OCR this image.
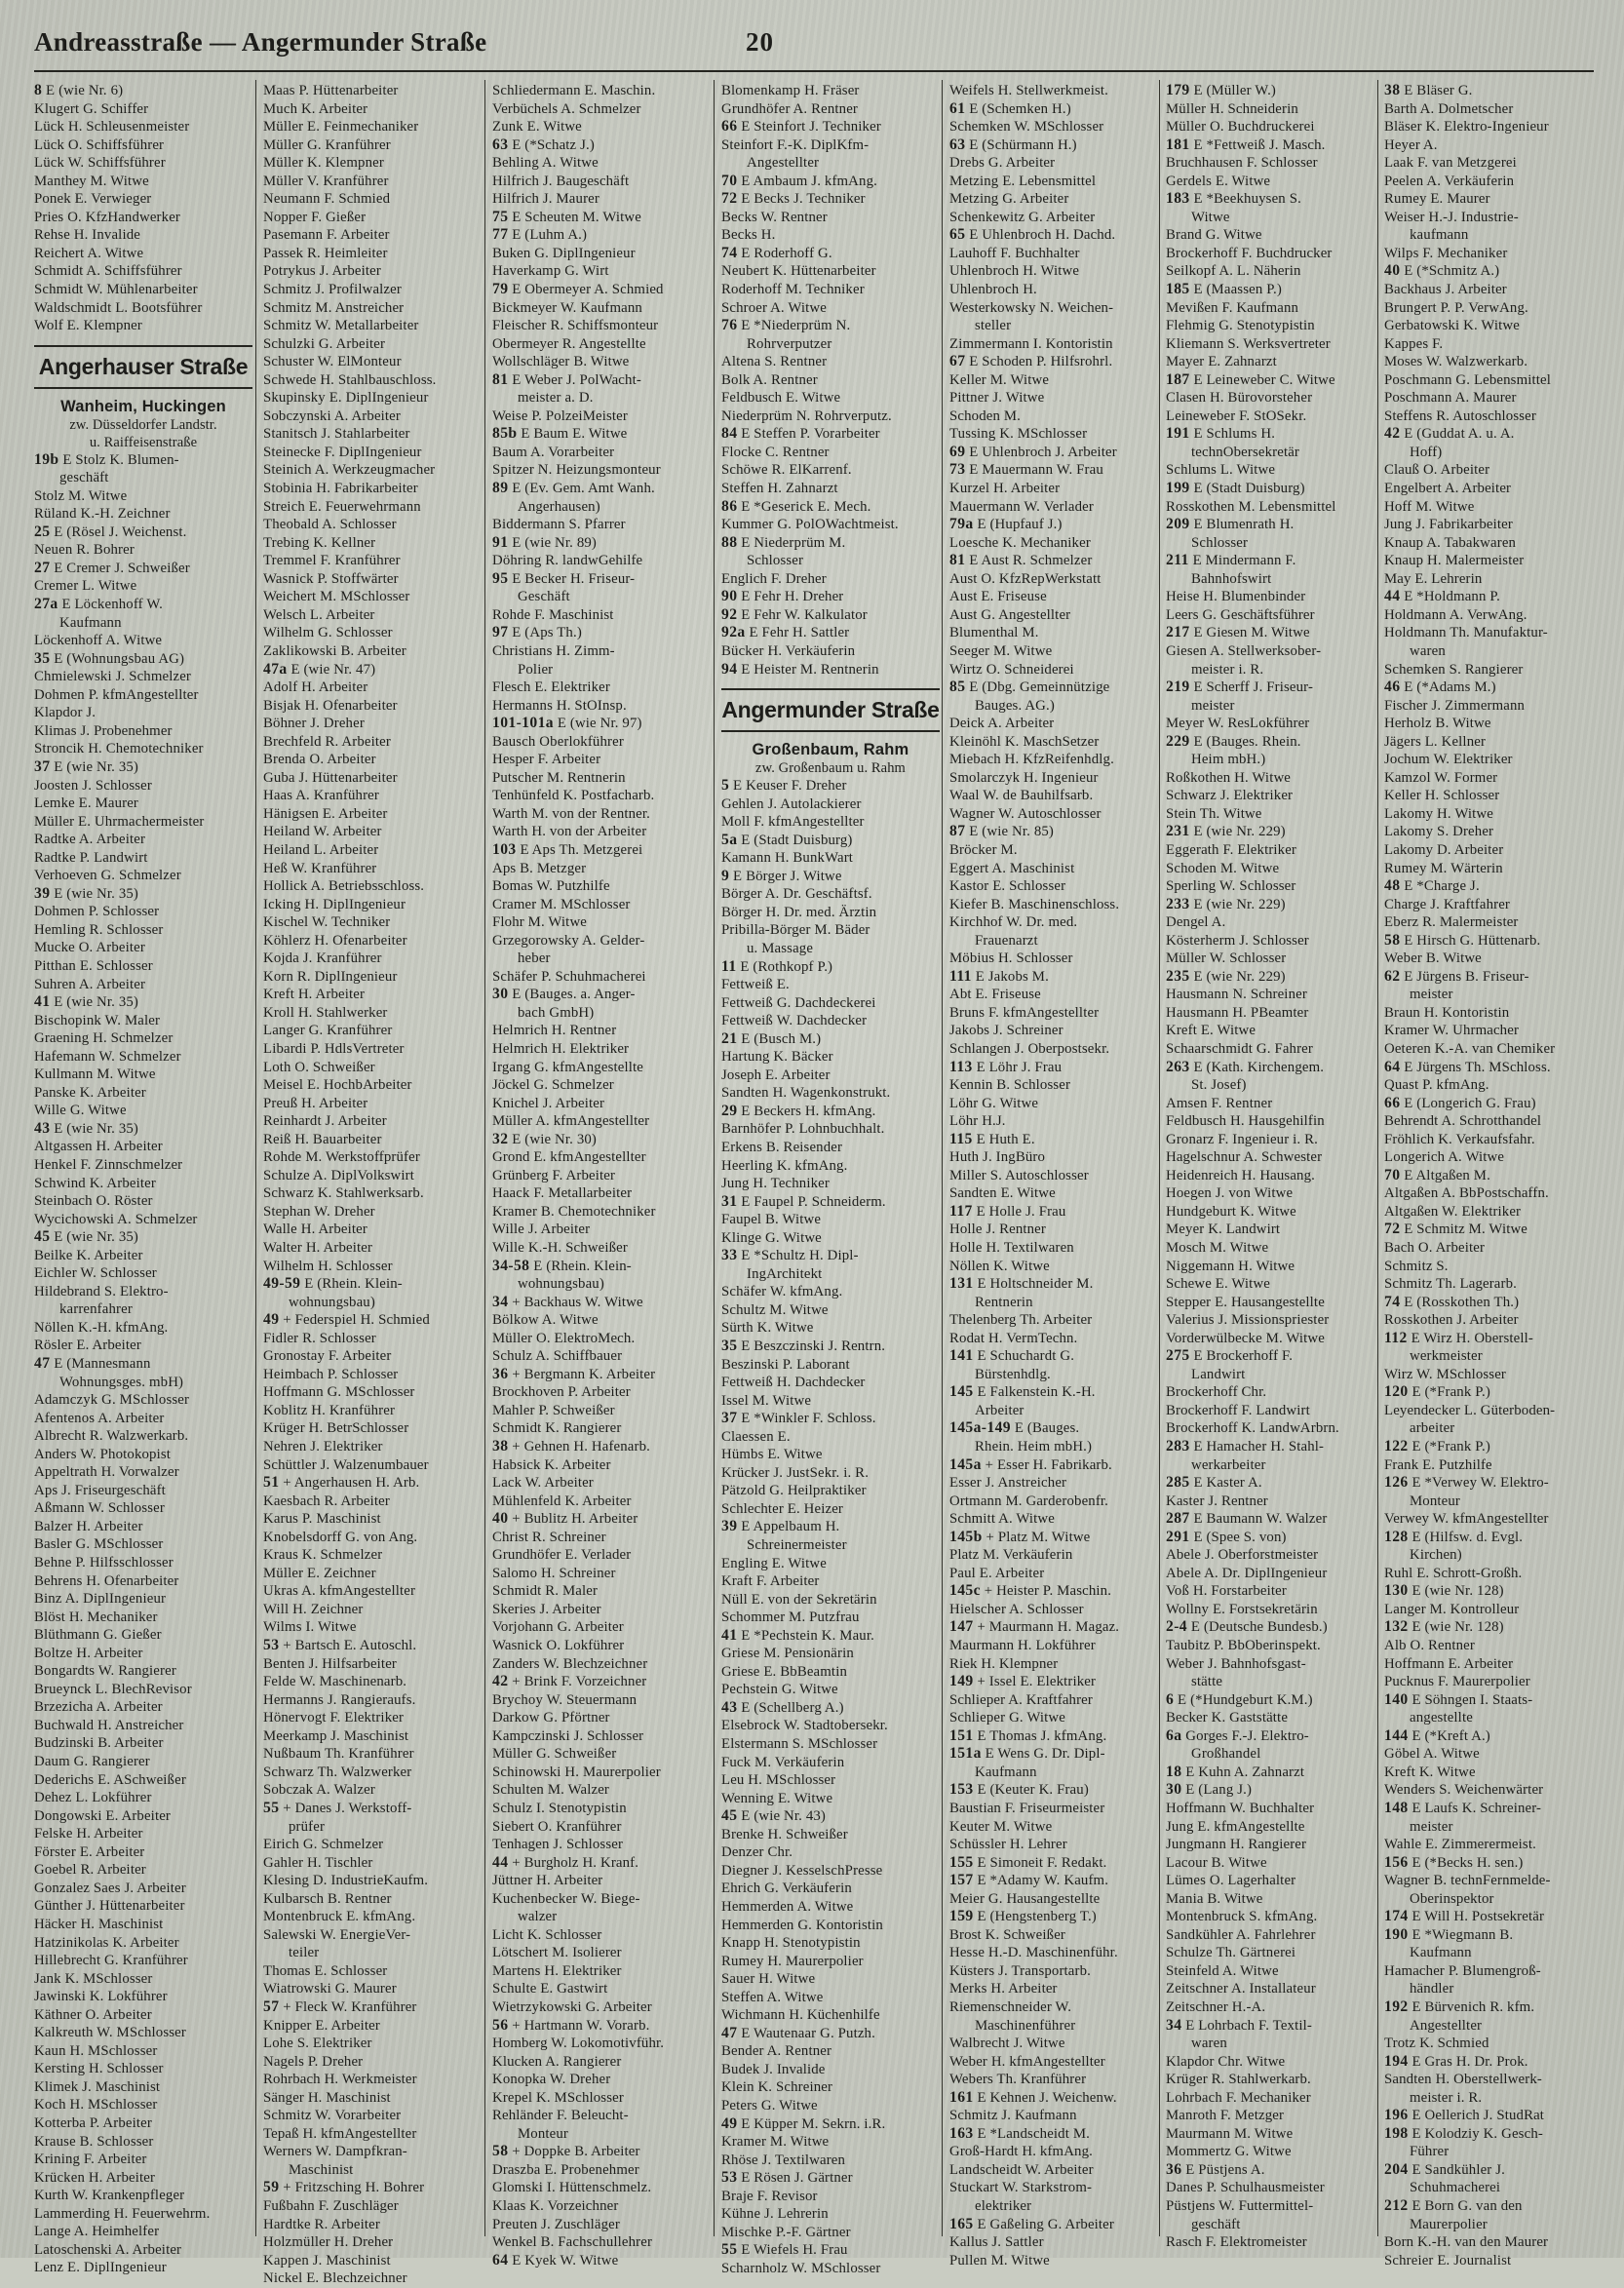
Andreasstraße — Angermunder Straße	20
8 E (wie Nr. 6)
Klugert G. Schiffer
Lück H. Schleusenmeister
Lück O. Schiffsführer
Lück W. Schiffsführer
Manthey M. Witwe
Ponek E. Verwieger
Pries O. KfzHandwerker
Rehse H. Invalide
Reichert A. Witwe
Schmidt A. Schiffsführer
Schmidt W. Mühlenarbeiter
Waldschmidt L. Bootsführer
Wolf E. Klempner
Angerhauser Straße
Wanheim, Huckingen
zw. Düsseldorfer Landstr.
u. Raiffeisenstraße
19b E Stolz K. Blumen-
geschäft
Stolz M. Witwe
Rüland K.-H. Zeichner
25 E (Rösel J. Weichenst.
Neuen R. Bohrer
27 E Cremer J. Schweißer
Cremer L. Witwe
27a E Löckenhoff W.
Kaufmann
Löckenhoff A. Witwe
35 E (Wohnungsbau AG)
Chmielewski J. Schmelzer
Dohmen P. kfmAngestellter
Klapdor J.
Klimas J. Probenehmer
Stroncik H. Chemotechniker
37 E (wie Nr. 35)
Joosten J. Schlosser
Lemke E. Maurer
Müller E. Uhrmachermeister
Radtke A. Arbeiter
Radtke P. Landwirt
Verhoeven G. Schmelzer
39 E (wie Nr. 35)
Dohmen P. Schlosser
Hemling R. Schlosser
Mucke O. Arbeiter
Pitthan E. Schlosser
Suhren A. Arbeiter
41 E (wie Nr. 35)
Bischopink W. Maler
Graening H. Schmelzer
Hafemann W. Schmelzer
Kullmann M. Witwe
Panske K. Arbeiter
Wille G. Witwe
43 E (wie Nr. 35)
Altgassen H. Arbeiter
Henkel F. Zinnschmelzer
Schwind K. Arbeiter
Steinbach O. Röster
Wycichowski A. Schmelzer
45 E (wie Nr. 35)
Beilke K. Arbeiter
Eichler W. Schlosser
Hildebrand S. Elektro-
karrenfahrer
Nöllen K.-H. kfmAng.
Rösler E. Arbeiter
47 E (Mannesmann
Wohnungsges. mbH)
Adamczyk G. MSchlosser
Afentenos A. Arbeiter
Albrecht R. Walzwerkarb.
Anders W. Photokopist
Appeltrath H. Vorwalzer
Aps J. Friseurgeschäft
Aßmann W. Schlosser
Balzer H. Arbeiter
Basler G. MSchlosser
Behne P. Hilfsschlosser
Behrens H. Ofenarbeiter
Binz A. DiplIngenieur
Blöst H. Mechaniker
Blüthmann G. Gießer
Boltze H. Arbeiter
Bongardts W. Rangierer
Brueynck L. BlechRevisor
Brzezicha A. Arbeiter
Buchwald H. Anstreicher
Budzinski B. Arbeiter
Daum G. Rangierer
Dederichs E. ASchweißer
Dehez L. Lokführer
Dongowski E. Arbeiter
Felske H. Arbeiter
Förster E. Arbeiter
Goebel R. Arbeiter
Gonzalez Saes J. Arbeiter
Günther J. Hüttenarbeiter
Häcker H. Maschinist
Hatzinikolas K. Arbeiter
Hillebrecht G. Kranführer
Jank K. MSchlosser
Jawinski K. Lokführer
Käthner O. Arbeiter
Kalkreuth W. MSchlosser
Kaun H. MSchlosser
Kersting H. Schlosser
Klimek J. Maschinist
Koch H. MSchlosser
Kotterba P. Arbeiter
Krause B. Schlosser
Krining F. Arbeiter
Krücken H. Arbeiter
Kurth W. Krankenpfleger
Lammerding H. Feuerwehrm.
Lange A. Heimhelfer
Latoschenski A. Arbeiter
Lenz E. DiplIngenieur
Maas P. Hüttenarbeiter
Much K. Arbeiter
Müller E. Feinmechaniker
Müller G. Kranführer
Müller K. Klempner
Müller V. Kranführer
Neumann F. Schmied
Nopper F. Gießer
Pasemann F. Arbeiter
Passek R. Heimleiter
Potrykus J. Arbeiter
Schmitz J. Profilwalzer
Schmitz M. Anstreicher
Schmitz W. Metallarbeiter
Schulzki G. Arbeiter
Schuster W. ElMonteur
Schwede H. Stahlbauschloss.
Skupinsky E. DiplIngenieur
Sobczynski A. Arbeiter
Stanitsch J. Stahlarbeiter
Steinecke F. DiplIngenieur
Steinich A. Werkzeugmacher
Stobinia H. Fabrikarbeiter
Streich E. Feuerwehrmann
Theobald A. Schlosser
Trebing K. Kellner
Tremmel F. Kranführer
Wasnick P. Stoffwärter
Weichert M. MSchlosser
Welsch L. Arbeiter
Wilhelm G. Schlosser
Zaklikowski B. Arbeiter
47a E (wie Nr. 47)
Adolf H. Arbeiter
Bisjak H. Ofenarbeiter
Böhner J. Dreher
Brechfeld R. Arbeiter
Brenda O. Arbeiter
Guba J. Hüttenarbeiter
Haas A. Kranführer
Hänigsen E. Arbeiter
Heiland W. Arbeiter
Heiland L. Arbeiter
Heß W. Kranführer
Hollick A. Betriebsschloss.
Icking H. DiplIngenieur
Kischel W. Techniker
Köhlerz H. Ofenarbeiter
Kojda J. Kranführer
Korn R. DiplIngenieur
Kreft H. Arbeiter
Kroll H. Stahlwerker
Langer G. Kranführer
Libardi P. HdlsVertreter
Loth O. Schweißer
Meisel E. HochbArbeiter
Preuß H. Arbeiter
Reinhardt J. Arbeiter
Reiß H. Bauarbeiter
Rohde M. Werkstoffprüfer
Schulze A. DiplVolkswirt
Schwarz K. Stahlwerksarb.
Stephan W. Dreher
Walle H. Arbeiter
Walter H. Arbeiter
Wilhelm H. Schlosser
49-59 E (Rhein. Klein-
wohnungsbau)
49 + Federspiel H. Schmied
Fidler R. Schlosser
Gronostay F. Arbeiter
Heimbach P. Schlosser
Hoffmann G. MSchlosser
Koblitz H. Kranführer
Krüger H. BetrSchlosser
Nehren J. Elektriker
Schüttler J. Walzenumbauer
51 + Angerhausen H. Arb.
Kaesbach R. Arbeiter
Karus P. Maschinist
Knobelsdorff G. von Ang.
Kraus K. Schmelzer
Müller E. Zeichner
Ukras A. kfmAngestellter
Will H. Zeichner
Wilms I. Witwe
53 + Bartsch E. Autoschl.
Benten J. Hilfsarbeiter
Felde W. Maschinenarb.
Hermanns J. Rangieraufs.
Hönervogt F. Elektriker
Meerkamp J. Maschinist
Nußbaum Th. Kranführer
Schwarz Th. Walzwerker
Sobczak A. Walzer
55 + Danes J. Werkstoff-
prüfer
Eirich G. Schmelzer
Gahler H. Tischler
Klesing D. IndustrieKaufm.
Kulbarsch B. Rentner
Montenbruck E. kfmAng.
Salewski W. EnergieVer-
teiler
Thomas E. Schlosser
Wiatrowski G. Maurer
57 + Fleck W. Kranführer
Knipper E. Arbeiter
Lohe S. Elektriker
Nagels P. Dreher
Rohrbach H. Werkmeister
Sänger H. Maschinist
Schmitz W. Vorarbeiter
Tepaß H. kfmAngestellter
Werners W. Dampfkran-
Maschinist
59 + Fritzsching H. Bohrer
Fußbahn F. Zuschläger
Hardtke R. Arbeiter
Holzmüller H. Dreher
Kappen J. Maschinist
Nickel E. Blechzeichner
Schliedermann E. Maschin.
Verbüchels A. Schmelzer
Zunk E. Witwe
63 E (*Schatz J.)
Behling A. Witwe
Hilfrich J. Baugeschäft
Hilfrich J. Maurer
75 E Scheuten M. Witwe
77 E (Luhm A.)
Buken G. DiplIngenieur
Haverkamp G. Wirt
79 E Obermeyer A. Schmied
Bickmeyer W. Kaufmann
Fleischer R. Schiffsmonteur
Obermeyer R. Angestellte
Wollschläger B. Witwe
81 E Weber J. PolWacht-
meister a. D.
Weise P. PolzeiMeister
85b E Baum E. Witwe
Baum A. Vorarbeiter
Spitzer N. Heizungsmonteur
89 E (Ev. Gem. Amt Wanh.
Angerhausen)
Biddermann S. Pfarrer
91 E (wie Nr. 89)
Döhring R. landwGehilfe
95 E Becker H. Friseur-
Geschäft
Rohde F. Maschinist
97 E (Aps Th.)
Christians H. Zimm-
Polier
Flesch E. Elektriker
Hermanns H. StOInsp.
101-101a E (wie Nr. 97)
Bausch Oberlokführer
Hesper F. Arbeiter
Putscher M. Rentnerin
Tenhünfeld K. Postfacharb.
Warth M. von der Rentner.
Warth H. von der Arbeiter
103 E Aps Th. Metzgerei
Aps B. Metzger
Bomas W. Putzhilfe
Cramer M. MSchlosser
Flohr M. Witwe
Grzegorowsky A. Gelder-
heber
Schäfer P. Schuhmacherei
30 E (Bauges. a. Anger-
bach GmbH)
Helmrich H. Rentner
Helmrich H. Elektriker
Irgang G. kfmAngestellte
Jöckel G. Schmelzer
Knichel J. Arbeiter
Müller A. kfmAngestellter
32 E (wie Nr. 30)
Grond E. kfmAngestellter
Grünberg F. Arbeiter
Haack F. Metallarbeiter
Kramer B. Chemotechniker
Wille J. Arbeiter
Wille K.-H. Schweißer
34-58 E (Rhein. Klein-
wohnungsbau)
34 + Backhaus W. Witwe
Bölkow A. Witwe
Müller O. ElektroMech.
Schulz A. Schiffbauer
36 + Bergmann K. Arbeiter
Brockhoven P. Arbeiter
Mahler P. Schweißer
Schmidt K. Rangierer
38 + Gehnen H. Hafenarb.
Habsick K. Arbeiter
Lack W. Arbeiter
Mühlenfeld K. Arbeiter
40 + Bublitz H. Arbeiter
Christ R. Schreiner
Grundhöfer E. Verlader
Salomo H. Schreiner
Schmidt R. Maler
Skeries J. Arbeiter
Vorjohann G. Arbeiter
Wasnick O. Lokführer
Zanders W. Blechzeichner
42 + Brink F. Vorzeichner
Brychoy W. Steuermann
Darkow G. Pförtner
Kampczinski J. Schlosser
Müller G. Schweißer
Schinowski H. Maurerpolier
Schulten M. Walzer
Schulz I. Stenotypistin
Siebert O. Kranführer
Tenhagen J. Schlosser
44 + Burgholz H. Kranf.
Jüttner H. Arbeiter
Kuchenbecker W. Biege-
walzer
Licht K. Schlosser
Lötschert M. Isolierer
Martens H. Elektriker
Schulte E. Gastwirt
Wietrzykowski G. Arbeiter
56 + Hartmann W. Vorarb.
Homberg W. Lokomotivführ.
Klucken A. Rangierer
Konopka W. Dreher
Krepel K. MSchlosser
Rehländer F. Beleucht-
Monteur
58 + Doppke B. Arbeiter
Draszba E. Probenehmer
Glomski I. Hüttenschmelz.
Klaas K. Vorzeichner
Preuten J. Zuschläger
Wenkel B. Fachschullehrer
64 E Kyek W. Witwe
Blomenkamp H. Fräser
Grundhöfer A. Rentner
66 E Steinfort J. Techniker
Steinfort F.-K. DiplKfm-
Angestellter
70 E Ambaum J. kfmAng.
72 E Becks J. Techniker
Becks W. Rentner
Becks H.
74 E Roderhoff G.
Neubert K. Hüttenarbeiter
Roderhoff M. Techniker
Schroer A. Witwe
76 E *Niederprüm N.
Rohrverputzer
Altena S. Rentner
Bolk A. Rentner
Feldbusch E. Witwe
Niederprüm N. Rohrverputz.
84 E Steffen P. Vorarbeiter
Flocke C. Rentner
Schöwe R. ElKarrenf.
Steffen H. Zahnarzt
86 E *Geserick E. Mech.
Kummer G. PolOWachtmeist.
88 E Niederprüm M.
Schlosser
Englich F. Dreher
90 E Fehr H. Dreher
92 E Fehr W. Kalkulator
92a E Fehr H. Sattler
Bücker H. Verkäuferin
94 E Heister M. Rentnerin
Angermunder Straße
Großenbaum, Rahm
zw. Großenbaum u. Rahm
5 E Keuser F. Dreher
Gehlen J. Autolackierer
Moll F. kfmAngestellter
5a E (Stadt Duisburg)
Kamann H. BunkWart
9 E Börger J. Witwe
Börger A. Dr. Geschäftsf.
Börger H. Dr. med. Ärztin
Pribilla-Börger M. Bäder
u. Massage
11 E (Rothkopf P.)
Fettweiß E.
Fettweiß G. Dachdeckerei
Fettweiß W. Dachdecker
21 E (Busch M.)
Hartung K. Bäcker
Joseph E. Arbeiter
Sandten H. Wagenkonstrukt.
29 E Beckers H. kfmAng.
Barnhöfer P. Lohnbuchhalt.
Erkens B. Reisender
Heerling K. kfmAng.
Jung H. Techniker
31 E Faupel P. Schneiderm.
Faupel B. Witwe
Klinge G. Witwe
33 E *Schultz H. Dipl-
IngArchitekt
Schäfer W. kfmAng.
Schultz M. Witwe
Sürth K. Witwe
35 E Beszczinski J. Rentrn.
Beszinski P. Laborant
Fettweiß H. Dachdecker
Issel M. Witwe
37 E *Winkler F. Schloss.
Claessen E.
Hümbs E. Witwe
Krücker J. JustSekr. i. R.
Pätzold G. Heilpraktiker
Schlechter E. Heizer
39 E Appelbaum H.
Schreinermeister
Engling E. Witwe
Kraft F. Arbeiter
Nüll E. von der Sekretärin
Schommer M. Putzfrau
41 E *Pechstein K. Maur.
Griese M. Pensionärin
Griese E. BbBeamtin
Pechstein G. Witwe
43 E (Schellberg A.)
Elsebrock W. Stadtobersekr.
Elstermann S. MSchlosser
Fuck M. Verkäuferin
Leu H. MSchlosser
Wenning E. Witwe
45 E (wie Nr. 43)
Brenke H. Schweißer
Denzer Chr.
Diegner J. KesselschPresse
Ehrich G. Verkäuferin
Hemmerden A. Witwe
Hemmerden G. Kontoristin
Knapp H. Stenotypistin
Rumey H. Maurerpolier
Sauer H. Witwe
Steffen A. Witwe
Wichmann H. Küchenhilfe
47 E Wautenaar G. Putzh.
Bender A. Rentner
Budek J. Invalide
Klein K. Schreiner
Peters G. Witwe
49 E Küpper M. Sekrn. i.R.
Kramer M. Witwe
Rhöse J. Textilwaren
53 E Rösen J. Gärtner
Braje F. Revisor
Kühne J. Lehrerin
Mischke P.-F. Gärtner
55 E Wiefels H. Frau
Scharnholz W. MSchlosser
Weifels H. Stellwerkmeist.
61 E (Schemken H.)
Schemken W. MSchlosser
63 E (Schürmann H.)
Drebs G. Arbeiter
Metzing E. Lebensmittel
Metzing G. Arbeiter
Schenkewitz G. Arbeiter
65 E Uhlenbroch H. Dachd.
Lauhoff F. Buchhalter
Uhlenbroch H. Witwe
Uhlenbroch H.
Westerkowsky N. Weichen-
steller
Zimmermann I. Kontoristin
67 E Schoden P. Hilfsrohrl.
Keller M. Witwe
Pittner J. Witwe
Schoden M.
Tussing K. MSchlosser
69 E Uhlenbroch J. Arbeiter
73 E Mauermann W. Frau
Kurzel H. Arbeiter
Mauermann W. Verlader
79a E (Hupfauf J.)
Loesche K. Mechaniker
81 E Aust R. Schmelzer
Aust O. KfzRepWerkstatt
Aust E. Friseuse
Aust G. Angestellter
Blumenthal M.
Seeger M. Witwe
Wirtz O. Schneiderei
85 E (Dbg. Gemeinnützige
Bauges. AG.)
Deick A. Arbeiter
Kleinöhl K. MaschSetzer
Miebach H. KfzReifenhdlg.
Smolarczyk H. Ingenieur
Waal W. de Bauhilfsarb.
Wagner W. Autoschlosser
87 E (wie Nr. 85)
Bröcker M.
Eggert A. Maschinist
Kastor E. Schlosser
Kiefer B. Maschinenschloss.
Kirchhof W. Dr. med.
Frauenarzt
Möbius H. Schlosser
111 E Jakobs M.
Abt E. Friseuse
Bruns F. kfmAngestellter
Jakobs J. Schreiner
Schlangen J. Oberpostsekr.
113 E Löhr J. Frau
Kennin B. Schlosser
Löhr G. Witwe
Löhr H.J.
115 E Huth E.
Huth J. IngBüro
Miller S. Autoschlosser
Sandten E. Witwe
117 E Holle J. Frau
Holle J. Rentner
Holle H. Textilwaren
Nöllen K. Witwe
131 E Holtschneider M.
Rentnerin
Thelenberg Th. Arbeiter
Rodat H. VermTechn.
141 E Schuchardt G.
Bürstenhdlg.
145 E Falkenstein K.-H.
Arbeiter
145a-149 E (Bauges.
Rhein. Heim mbH.)
145a + Esser H. Fabrikarb.
Esser J. Anstreicher
Ortmann M. Garderobenfr.
Schmitt A. Witwe
145b + Platz M. Witwe
Platz M. Verkäuferin
Paul E. Arbeiter
145c + Heister P. Maschin.
Hielscher A. Schlosser
147 + Maurmann H. Magaz.
Maurmann H. Lokführer
Riek H. Klempner
149 + Issel E. Elektriker
Schlieper A. Kraftfahrer
Schlieper G. Witwe
151 E Thomas J. kfmAng.
151a E Wens G. Dr. Dipl-
Kaufmann
153 E (Keuter K. Frau)
Baustian F. Friseurmeister
Keuter M. Witwe
Schüssler H. Lehrer
155 E Simoneit F. Redakt.
157 E *Adamy W. Kaufm.
Meier G. Hausangestellte
159 E (Hengstenberg T.)
Brost K. Schweißer
Hesse H.-D. Maschinenführ.
Küsters J. Transportarb.
Merks H. Arbeiter
Riemenschneider W.
Maschinenführer
Walbrecht J. Witwe
Weber H. kfmAngestellter
Webers Th. Kranführer
161 E Kehnen J. Weichenw.
Schmitz J. Kaufmann
163 E *Landscheidt M.
Groß-Hardt H. kfmAng.
Landscheidt W. Arbeiter
Stuckart W. Starkstrom-
elektriker
165 E Gaßeling G. Arbeiter
Kallus J. Sattler
Pullen M. Witwe
179 E (Müller W.)
Müller H. Schneiderin
Müller O. Buchdruckerei
181 E *Fettweiß J. Masch.
Bruchhausen F. Schlosser
Gerdels E. Witwe
183 E *Beekhuysen S.
Witwe
Brand G. Witwe
Brockerhoff F. Buchdrucker
Seilkopf A. L. Näherin
185 E (Maassen P.)
Mevißen F. Kaufmann
Flehmig G. Stenotypistin
Kliemann S. Werksvertreter
Mayer E. Zahnarzt
187 E Leineweber C. Witwe
Clasen H. Bürovorsteher
Leineweber F. StOSekr.
191 E Schlums H.
technObersekretär
Schlums L. Witwe
199 E (Stadt Duisburg)
Rosskothen M. Lebensmittel
209 E Blumenrath H.
Schlosser
211 E Mindermann F.
Bahnhofswirt
Heise H. Blumenbinder
Leers G. Geschäftsführer
217 E Giesen M. Witwe
Giesen A. Stellwerksober-
meister i. R.
219 E Scherff J. Friseur-
meister
Meyer W. ResLokführer
229 E (Bauges. Rhein.
Heim mbH.)
Roßkothen H. Witwe
Schwarz J. Elektriker
Stein Th. Witwe
231 E (wie Nr. 229)
Eggerath F. Elektriker
Schoden M. Witwe
Sperling W. Schlosser
233 E (wie Nr. 229)
Dengel A.
Kösterherm J. Schlosser
Müller W. Schlosser
235 E (wie Nr. 229)
Hausmann N. Schreiner
Hausmann H. PBeamter
Kreft E. Witwe
Schaarschmidt G. Fahrer
263 E (Kath. Kirchengem.
St. Josef)
Amsen F. Rentner
Feldbusch H. Hausgehilfin
Gronarz F. Ingenieur i. R.
Hagelschnur A. Schwester
Heidenreich H. Hausang.
Hoegen J. von Witwe
Hundgeburt K. Witwe
Meyer K. Landwirt
Mosch M. Witwe
Niggemann H. Witwe
Schewe E. Witwe
Stepper E. Hausangestellte
Valerius J. Missionspriester
Vorderwülbecke M. Witwe
275 E Brockerhoff F.
Landwirt
Brockerhoff Chr.
Brockerhoff F. Landwirt
Brockerhoff K. LandwArbrn.
283 E Hamacher H. Stahl-
werkarbeiter
285 E Kaster A.
Kaster J. Rentner
287 E Baumann W. Walzer
291 E (Spee S. von)
Abele J. Oberforstmeister
Abele A. Dr. DiplIngenieur
Voß H. Forstarbeiter
Wollny E. Forstsekretärin
2-4 E (Deutsche Bundesb.)
Taubitz P. BbOberinspekt.
Weber J. Bahnhofsgast-
stätte
6 E (*Hundgeburt K.M.)
Becker K. Gaststätte
6a Gorges F.-J. Elektro-
Großhandel
18 E Kuhn A. Zahnarzt
30 E (Lang J.)
Hoffmann W. Buchhalter
Jung E. kfmAngestellte
Jungmann H. Rangierer
Lacour B. Witwe
Lümes O. Lagerhalter
Mania B. Witwe
Montenbruck S. kfmAng.
Sandkühler A. Fahrlehrer
Schulze Th. Gärtnerei
Steinfeld A. Witwe
Zeitschner A. Installateur
Zeitschner H.-A.
34 E Lohrbach F. Textil-
waren
Klapdor Chr. Witwe
Krüger R. Stahlwerkarb.
Lohrbach F. Mechaniker
Manroth F. Metzger
Maurmann M. Witwe
Mommertz G. Witwe
36 E Püstjens A.
Danes P. Schulhausmeister
Püstjens W. Futtermittel-
geschäft
Rasch F. Elektromeister
38 E Bläser G.
Barth A. Dolmetscher
Bläser K. Elektro-Ingenieur
Heyer A.
Laak F. van Metzgerei
Peelen A. Verkäuferin
Rumey E. Maurer
Weiser H.-J. Industrie-
kaufmann
Wilps F. Mechaniker
40 E (*Schmitz A.)
Backhaus J. Arbeiter
Brungert P. P. VerwAng.
Gerbatowski K. Witwe
Kappes F.
Moses W. Walzwerkarb.
Poschmann G. Lebensmittel
Poschmann A. Maurer
Steffens R. Autoschlosser
42 E (Guddat A. u. A.
Hoff)
Clauß O. Arbeiter
Engelbert A. Arbeiter
Hoff M. Witwe
Jung J. Fabrikarbeiter
Knaup A. Tabakwaren
Knaup H. Malermeister
May E. Lehrerin
44 E *Holdmann P.
Holdmann A. VerwAng.
Holdmann Th. Manufaktur-
waren
Schemken S. Rangierer
46 E (*Adams M.)
Fischer J. Zimmermann
Herholz B. Witwe
Jägers L. Kellner
Jochum W. Elektriker
Kamzol W. Former
Keller H. Schlosser
Lakomy H. Witwe
Lakomy S. Dreher
Lakomy D. Arbeiter
Rumey M. Wärterin
48 E *Charge J.
Charge J. Kraftfahrer
Eberz R. Malermeister
58 E Hirsch G. Hüttenarb.
Weber B. Witwe
62 E Jürgens B. Friseur-
meister
Braun H. Kontoristin
Kramer W. Uhrmacher
Oeteren K.-A. van Chemiker
64 E Jürgens Th. MSchloss.
Quast P. kfmAng.
66 E (Longerich G. Frau)
Behrendt A. Schrotthandel
Fröhlich K. Verkaufsfahr.
Longerich A. Witwe
70 E Altgaßen M.
Altgaßen A. BbPostschaffn.
Altgaßen W. Elektriker
72 E Schmitz M. Witwe
Bach O. Arbeiter
Schmitz S.
Schmitz Th. Lagerarb.
74 E (Rosskothen Th.)
Rosskothen J. Arbeiter
112 E Wirz H. Oberstell-
werkmeister
Wirz W. MSchlosser
120 E (*Frank P.)
Leyendecker L. Güterboden-
arbeiter
122 E (*Frank P.)
Frank E. Putzhilfe
126 E *Verwey W. Elektro-
Monteur
Verwey W. kfmAngestellter
128 E (Hilfsw. d. Evgl.
Kirchen)
Ruhl E. Schrott-Großh.
130 E (wie Nr. 128)
Langer M. Kontrolleur
132 E (wie Nr. 128)
Alb O. Rentner
Hoffmann E. Arbeiter
Pucknus F. Maurerpolier
140 E Söhngen I. Staats-
angestellte
144 E (*Kreft A.)
Göbel A. Witwe
Kreft K. Witwe
Wenders S. Weichenwärter
148 E Laufs K. Schreiner-
meister
Wahle E. Zimmerermeist.
156 E (*Becks H. sen.)
Wagner B. technFernmelde-
Oberinspektor
174 E Will H. Postsekretär
190 E *Wiegmann B.
Kaufmann
Hamacher P. Blumengroß-
händler
192 E Bürvenich R. kfm.
Angestellter
Trotz K. Schmied
194 E Gras H. Dr. Prok.
Sandten H. Oberstellwerk-
meister i. R.
196 E Oellerich J. StudRat
198 E Kolodziy K. Gesch-
Führer
204 E Sandkühler J.
Schuhmacherei
212 E Born G. van den
Maurerpolier
Born K.-H. van den Maurer
Schreier E. Journalist
